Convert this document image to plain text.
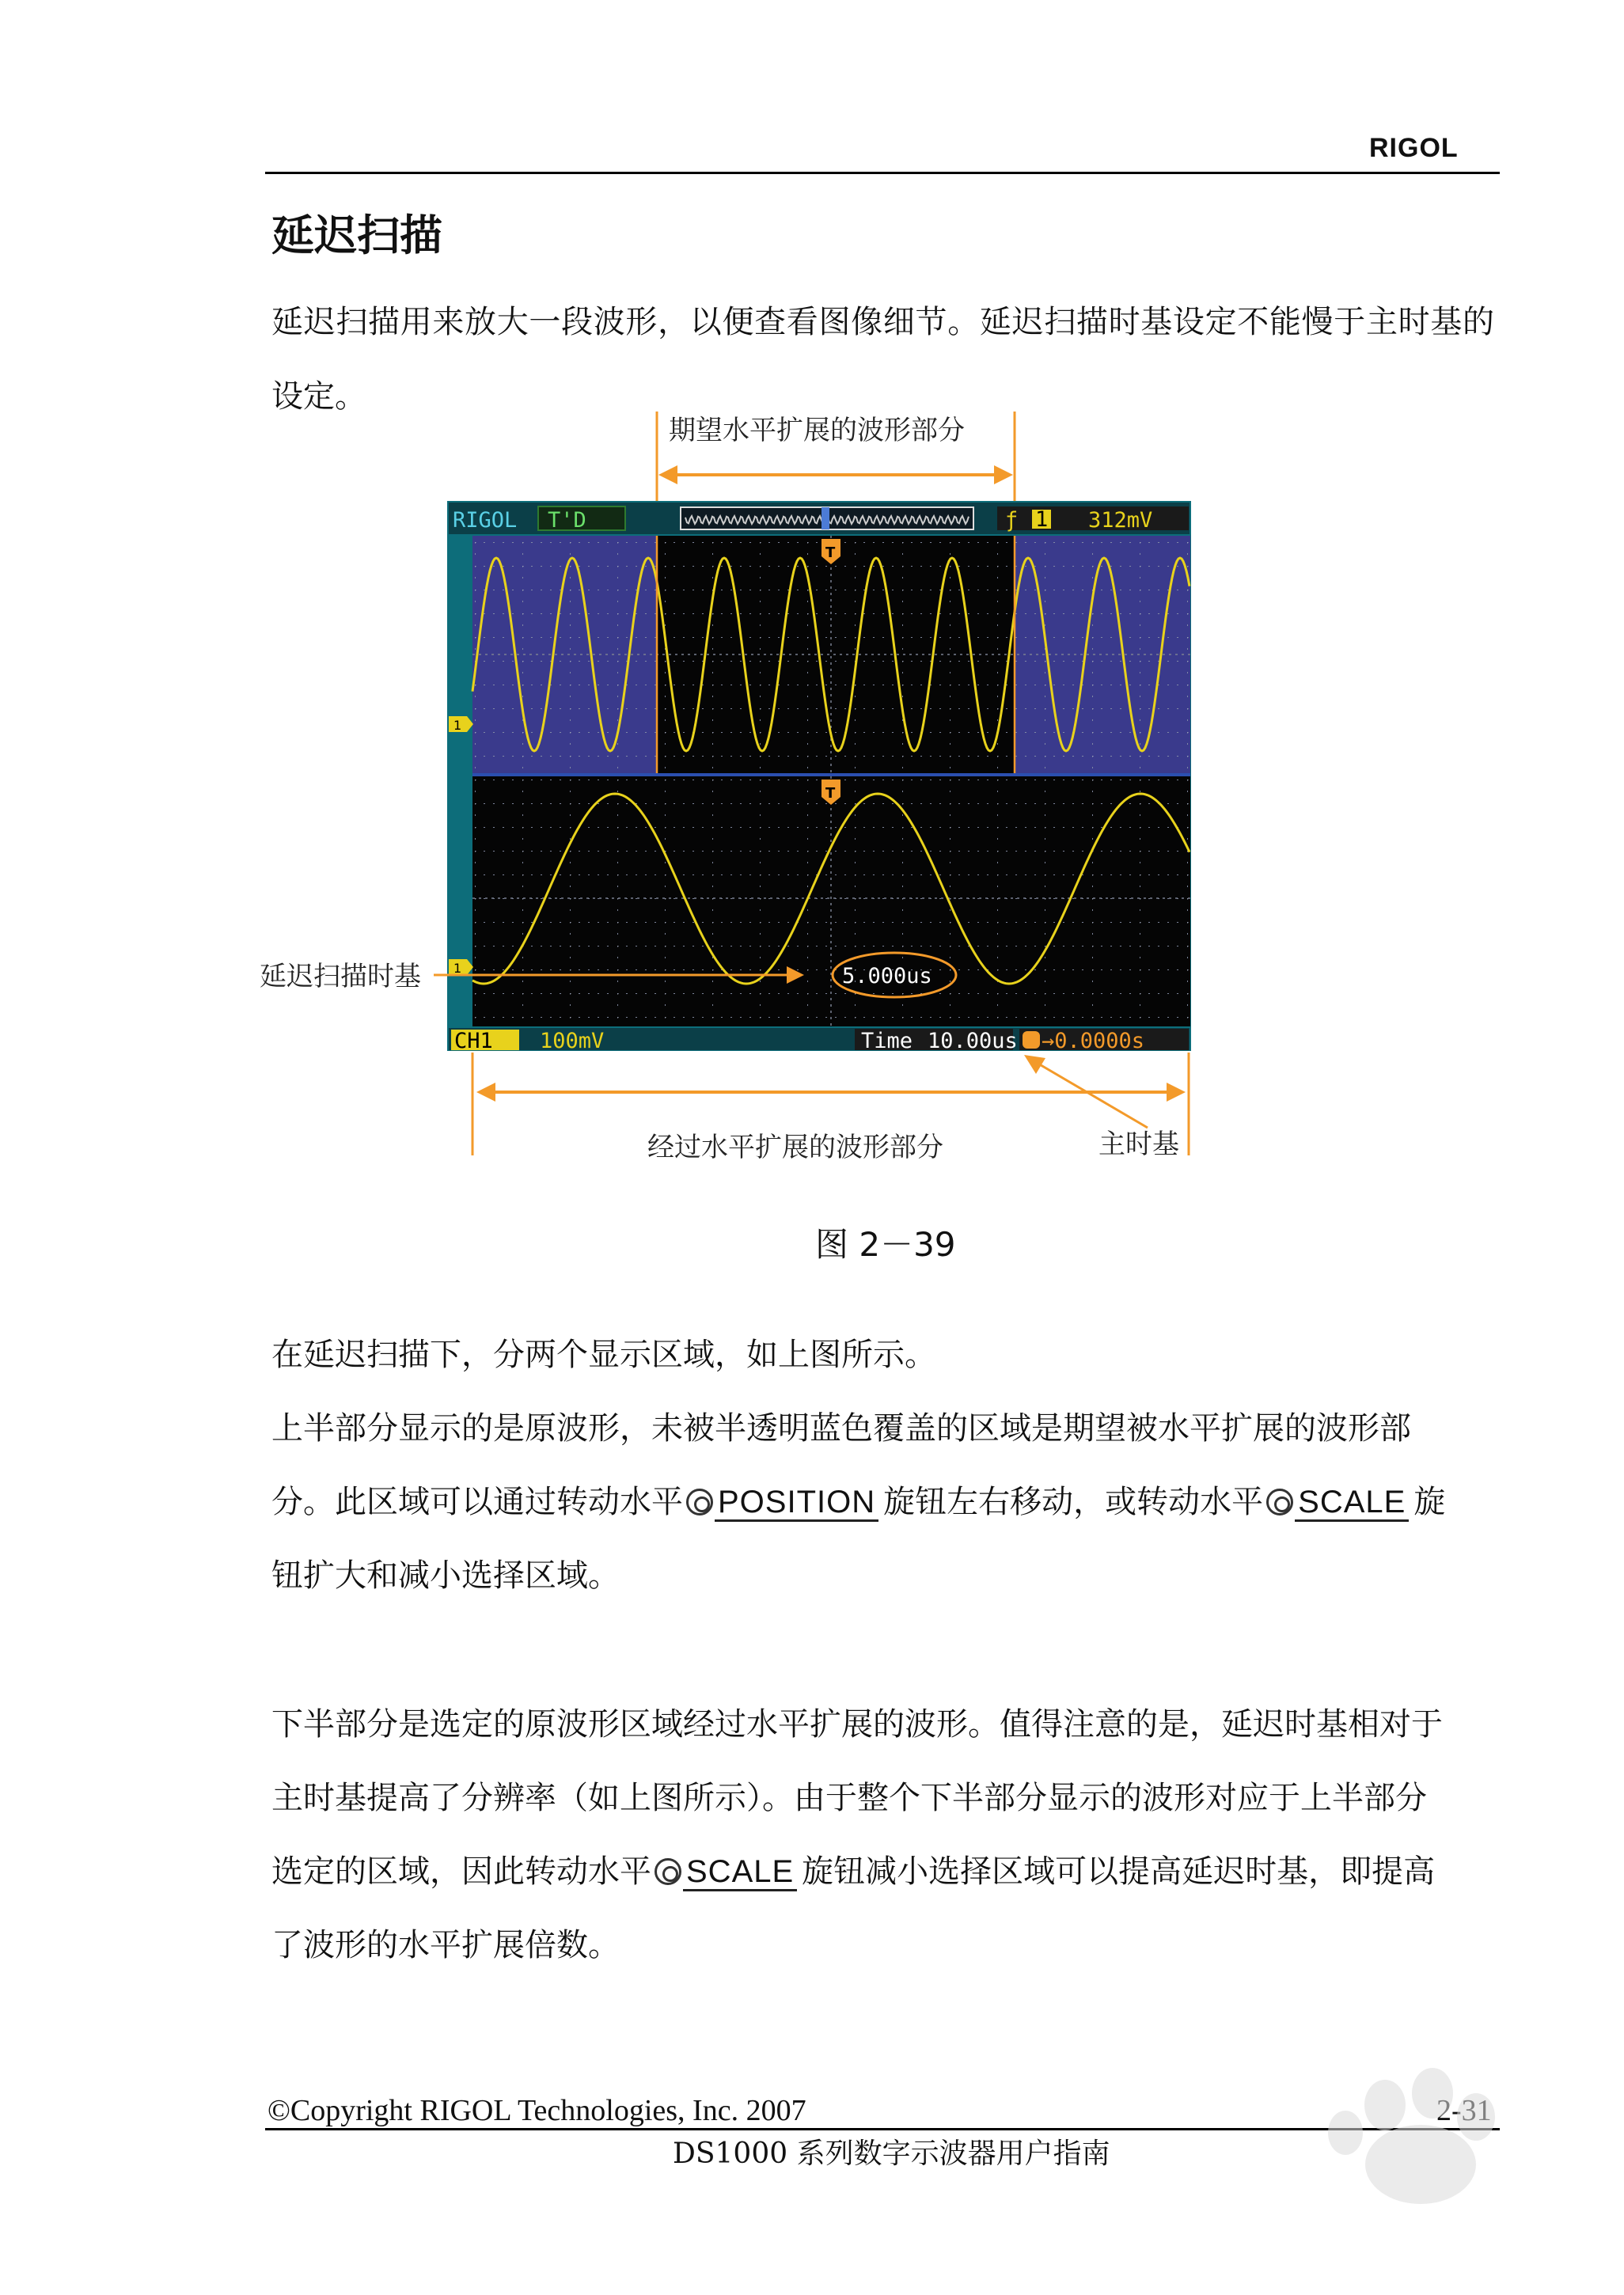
RIGOL
延迟扫描
延迟扫描用来放大一段波形，以便查看图像细节。延迟扫描时基设定不能慢于主时基的设定。
期望水平扩展的波形部分
RIGOL T'D	ƒ 1 312mV
T
T
1
1	5.000us
延迟扫描时基
CH1 100mV	Time 10.00us →0.0000s
经过水平扩展的波形部分	主时基
图 2－39
在延迟扫描下，分两个显示区域，如上图所示。
上半部分显示的是原波形，未被半透明蓝色覆盖的区域是期望被水平扩展的波形部
分。此区域可以通过转动水平 POSITION 旋钮左右移动，或转动水平 SCALE 旋
钮扩大和减小选择区域。
下半部分是选定的原波形区域经过水平扩展的波形。值得注意的是，延迟时基相对于
主时基提高了分辨率（如上图所示）。由于整个下半部分显示的波形对应于上半部分
选定的区域，因此转动水平 SCALE 旋钮减小选择区域可以提高延迟时基，即提高
了波形的水平扩展倍数。
©Copyright RIGOL Technologies, Inc. 2007
DS1000 系列数字示波器用户指南
